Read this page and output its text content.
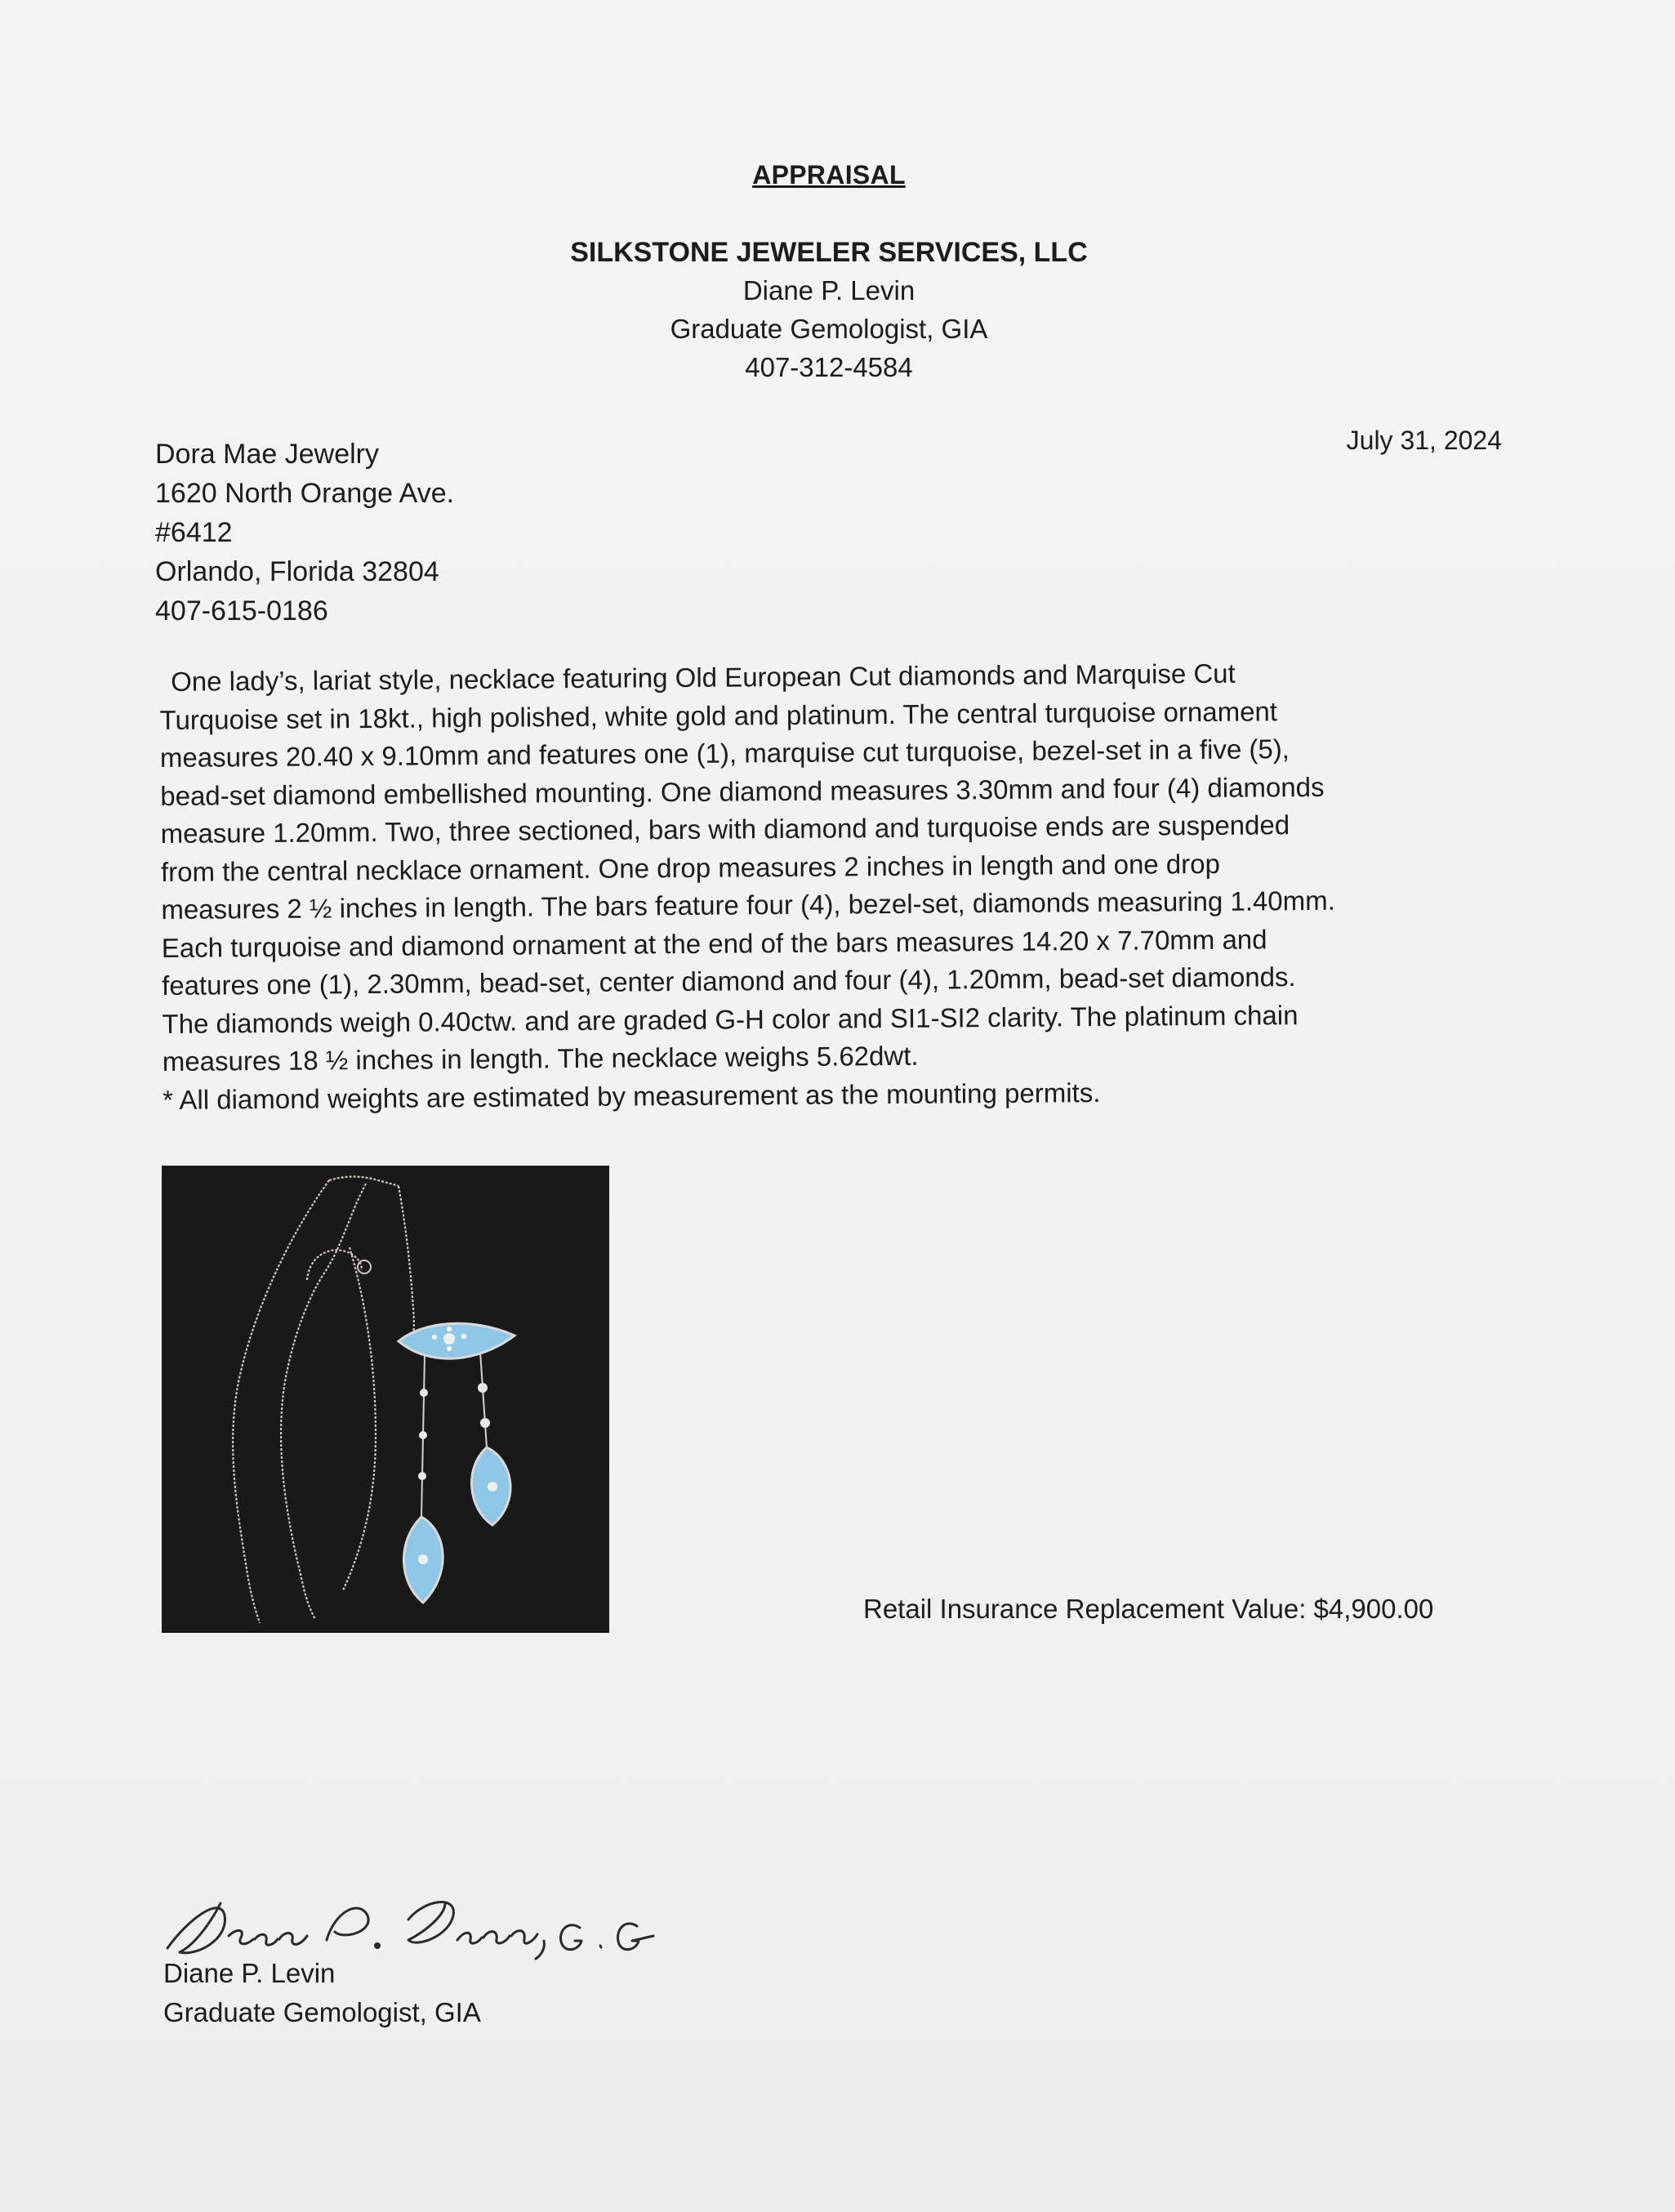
APPRAISAL
SILKSTONE JEWELER SERVICES, LLC
Diane P. Levin
Graduate Gemologist, GIA
407-312-4584
July 31, 2024
Dora Mae Jewelry
1620 North Orange Ave.
#6412
Orlando, Florida 32804
407-615-0186

One lady’s, lariat style, necklace featuring Old European Cut diamonds and Marquise Cut

Turquoise set in 18kt., high polished, white gold and platinum. The central turquoise ornament

measures 20.40 x 9.10mm and features one (1), marquise cut turquoise, bezel-set in a five (5),

bead-set diamond embellished mounting. One diamond measures 3.30mm and four (4) diamonds

measure 1.20mm. Two, three sectioned, bars with diamond and turquoise ends are suspended

from the central necklace ornament. One drop measures 2 inches in length and one drop

measures 2 ½ inches in length. The bars feature four (4), bezel-set, diamonds measuring 1.40mm.

Each turquoise and diamond ornament at the end of the bars measures 14.20 x 7.70mm and

features one (1), 2.30mm, bead-set, center diamond and four (4), 1.20mm, bead-set diamonds.

The diamonds weigh 0.40ctw. and are graded G-H color and SI1-SI2 clarity. The platinum chain

measures 18 ½ inches in length. The necklace weighs 5.62dwt.

* All diamond weights are estimated by measurement as the mounting permits.

Retail Insurance Replacement Value: $4,900.00
Diane P. Levin
Graduate Gemologist, GIA
